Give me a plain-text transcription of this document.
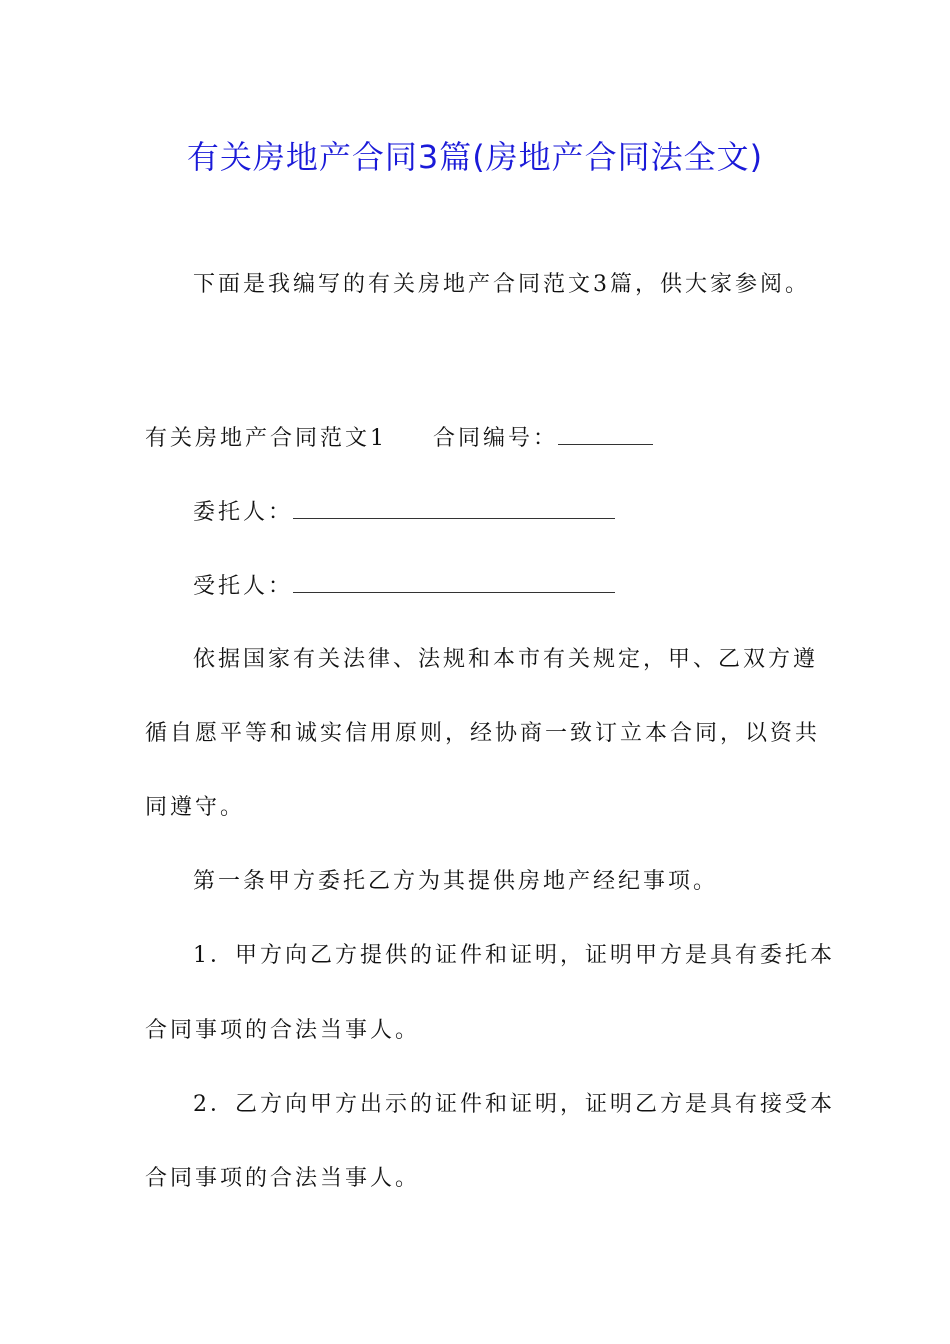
有关房地产合同3篇(房地产合同法全文)
下面是我编写的有关房地产合同范文3篇，供大家参阅。
有关房地产合同范文1 合同编号：
委托人：
受托人：
依据国家有关法律、法规和本市有关规定，甲、乙双方遵
循自愿平等和诚实信用原则，经协商一致订立本合同，以资共
同遵守。
第一条甲方委托乙方为其提供房地产经纪事项。
1．甲方向乙方提供的证件和证明，证明甲方是具有委托本
合同事项的合法当事人。
2．乙方向甲方出示的证件和证明，证明乙方是具有接受本
合同事项的合法当事人。
